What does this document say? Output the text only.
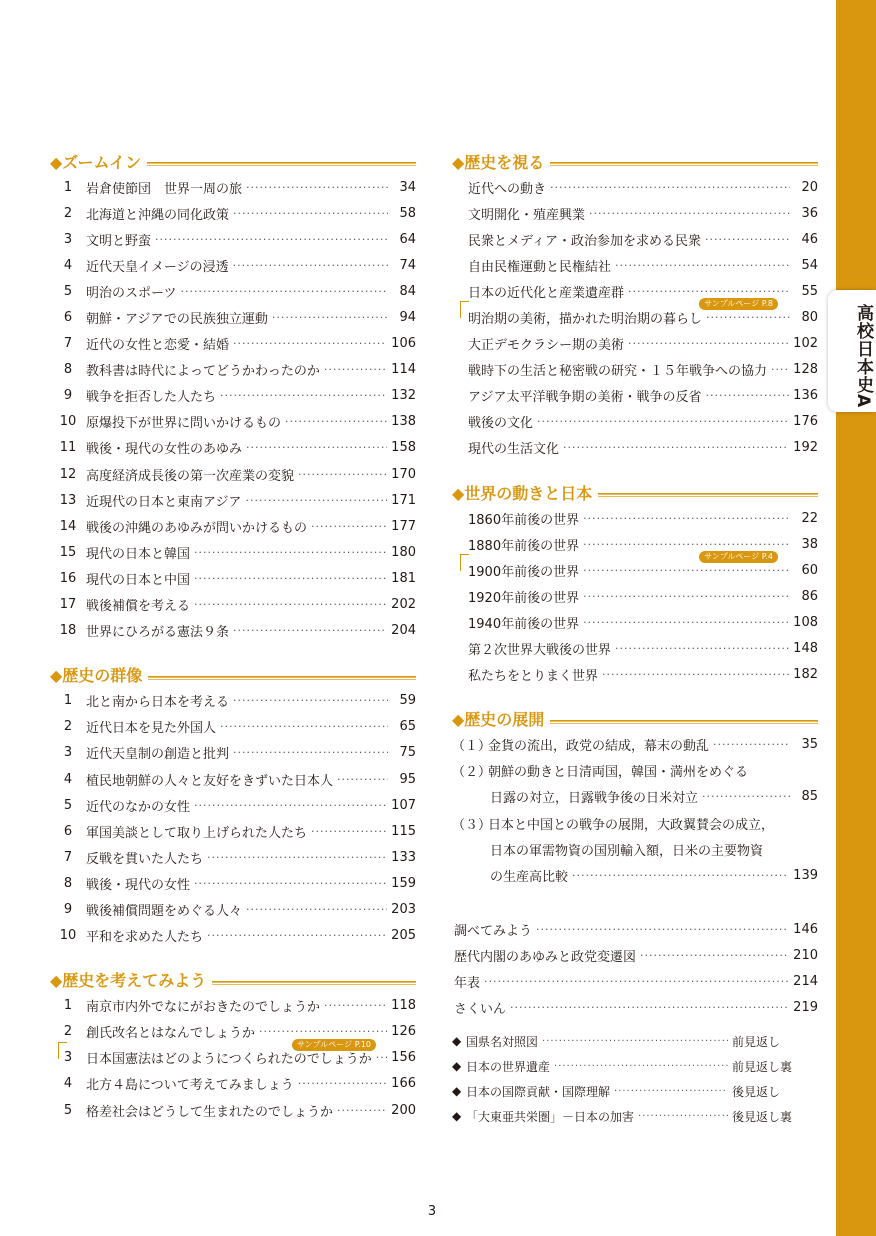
高校日本史A
◆ズームイン
1	岩倉使節団　世界一周の旅 ·····	34
2	北海道と沖縄の同化政策 ·····	58
3	文明と野蛮 ·····	64
4	近代天皇イメージの浸透 ·····	74
5	明治のスポーツ ·····	84
6	朝鮮・アジアでの民族独立運動 ·····	94
7	近代の女性と恋愛・結婚 ·····	106
8	教科書は時代によってどうかわったのか ·····	114
9	戦争を拒否した人たち ·····	132
10 原爆投下が世界に問いかけるもの ·····	138
11 戦後・現代の女性のあゆみ ·····	158
12 高度経済成長後の第一次産業の変貌 ·····	170
13 近現代の日本と東南アジア ·····	171
14 戦後の沖縄のあゆみが問いかけるもの ·····	177
15 現代の日本と韓国 ·····	180
16 現代の日本と中国 ·····	181
17 戦後補償を考える ·····	202
18 世界にひろがる憲法９条 ·····	204
◆歴史の群像
1	北と南から日本を考える ·····	59
2	近代日本を見た外国人 ·····	65
3	近代天皇制の創造と批判 ·····	75
4	植民地朝鮮の人々と友好をきずいた日本人 ·····	95
5	近代のなかの女性 ·····	107
6	軍国美談として取り上げられた人たち ·····	115
7	反戦を貫いた人たち ·····	133
8	戦後・現代の女性 ·····	159
9	戦後補償問題をめぐる人々 ·····	203
10 平和を求めた人たち ·····	205
◆歴史を考えてみよう
1	南京市内外でなにがおきたのでしょうか ·····	118
2	創氏改名とはなんでしょうか ·····	126
3	日本国憲法はどのようにつくられたのでしょうか ····· 156
サンプルページ P.10
4	北方４島について考えてみましょう ·····	166
5	格差社会はどうして生まれたのでしょうか ·····	200
◆歴史を視る
近代への動き ·····	20
文明開化・殖産興業 ·····	36
民衆とメディア・政治参加を求める民衆 ·····	46
自由民権運動と民権結社 ·····	54
日本の近代化と産業遺産群 ·····	55
明治期の美術，描かれた明治期の暮らし ·····	80
サンプルページ P.8
大正デモクラシー期の美術 ·····	102
戦時下の生活と秘密戦の研究・１５年戦争への協力 ····· 128
アジア太平洋戦争期の美術・戦争の反省 ·····	136
戦後の文化 ·····	176
現代の生活文化 ·····	192
◆世界の動きと日本
1860年前後の世界 ·····	22
1880年前後の世界 ·····	38
1900年前後の世界 ·····	60
サンプルページ P.4
1920年前後の世界 ·····	86
1940年前後の世界 ·····	108
第２次世界大戦後の世界 ·····	148
私たちをとりまく世界 ·····	182
◆歴史の展開
（１）
金貨の流出，政党の結成，幕末の動乱 ·····	35
（２）
朝鮮の動きと日清両国，韓国・満州をめぐる
日露の対立，日露戦争後の日米対立 ·····	85
（３）
日本と中国との戦争の展開，大政翼賛会の成立，
日本の軍需物資の国別輸入額，日米の主要物資
の生産高比較 ·····	139
調べてみよう ·····	146
歴代内閣のあゆみと政党変遷図 ·····	210
年表 ·····	214
さくいん ·····	219
◆ 国県名対照図 ·····	前見返し
◆ 日本の世界遺産 ·····	前見返し裏
◆ 日本の国際貢献・国際理解 ·····	後見返し
◆ 「大東亜共栄圏」－日本の加害 ·····	後見返し裏
3
